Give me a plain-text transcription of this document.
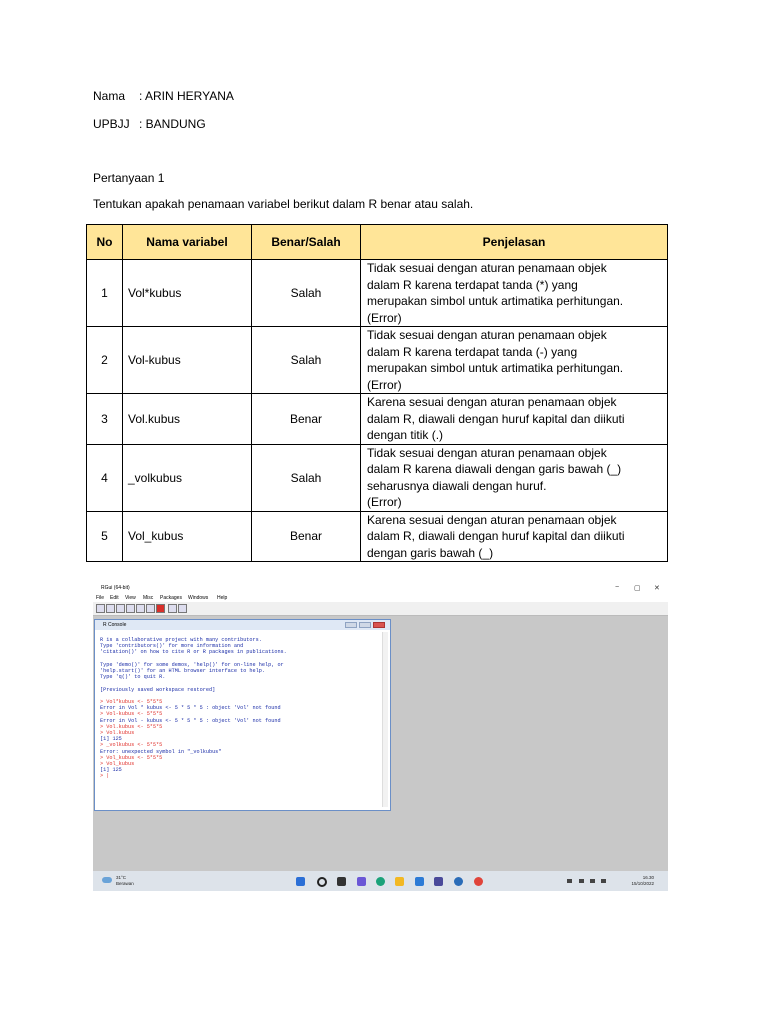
Nama : ARIN HERYANA
UPBJJ : BANDUNG
Pertanyaan 1
Tentukan apakah penamaan variabel berikut dalam R benar atau salah.
No	Nama variabel	Benar/Salah	Penjelasan
1	Vol*kubus	Salah	Tidak sesuai dengan aturan penamaan objek
dalam R karena terdapat tanda (*) yang
merupakan simbol untuk artimatika perhitungan.
(Error)

2	Vol-kubus	Salah	Tidak sesuai dengan aturan penamaan objek
dalam R karena terdapat tanda (-) yang
merupakan simbol untuk artimatika perhitungan.
(Error)

3	Vol.kubus	Benar	Karena sesuai dengan aturan penamaan objek
dalam R, diawali dengan huruf kapital dan diikuti
dengan titik (.)

4	_volkubus	Salah	Tidak sesuai dengan aturan penamaan objek
dalam R karena diawali dengan garis bawah (_)
seharusnya diawali dengan huruf.
(Error)

5	Vol_kubus	Benar	Karena sesuai dengan aturan penamaan objek
dalam R, diawali dengan huruf kapital dan diikuti
dengan garis bawah (_)
RGui (64-bit)	− ▢ ✕
File Edit View Misc Packages Windows Help
R Console
R is a collaborative project with many contributors.
Type 'contributors()' for more information and
'citation()' on how to cite R or R packages in publications.
Type 'demo()' for some demos, 'help()' for on-line help, or
'help.start()' for an HTML browser interface to help.
Type 'q()' to quit R.
[Previously saved workspace restored]
> Vol*kubus <- 5*5*5
Error in Vol * kubus <- 5 * 5 * 5 : object 'Vol' not found
> Vol-kubus <- 5*5*5
Error in Vol - kubus <- 5 * 5 * 5 : object 'Vol' not found
> Vol.kubus <- 5*5*5
> Vol.kubus
[1] 125
> _volkubus <- 5*5*5
Error: unexpected symbol in "_volkubus"
> Vol_kubus <- 5*5*5
> Vol_kubus
[1] 125
> |
31°C
Berawan
16.30
15/10/2022
